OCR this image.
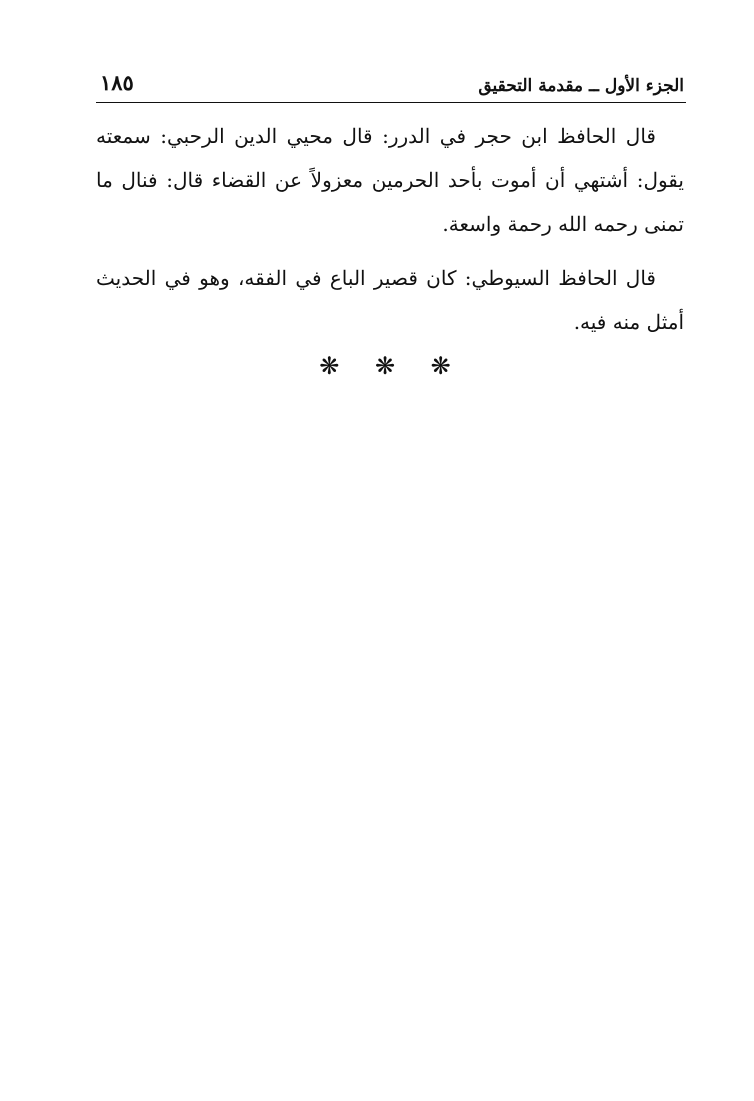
الجزء الأول ــ مقدمة التحقيق
١٨٥

قال الحافظ ابن حجر في الدرر: قال محيي الدين الرحبي: سمعته يقول: أشتهي أن أموت بأحد الحرمين معزولاً عن القضاء قال: فنال ما تمنى رحمه الله رحمة واسعة.

قال الحافظ السيوطي: كان قصير الباع في الفقه، وهو في الحديث أمثل منه فيه.

❋ ❋ ❋
